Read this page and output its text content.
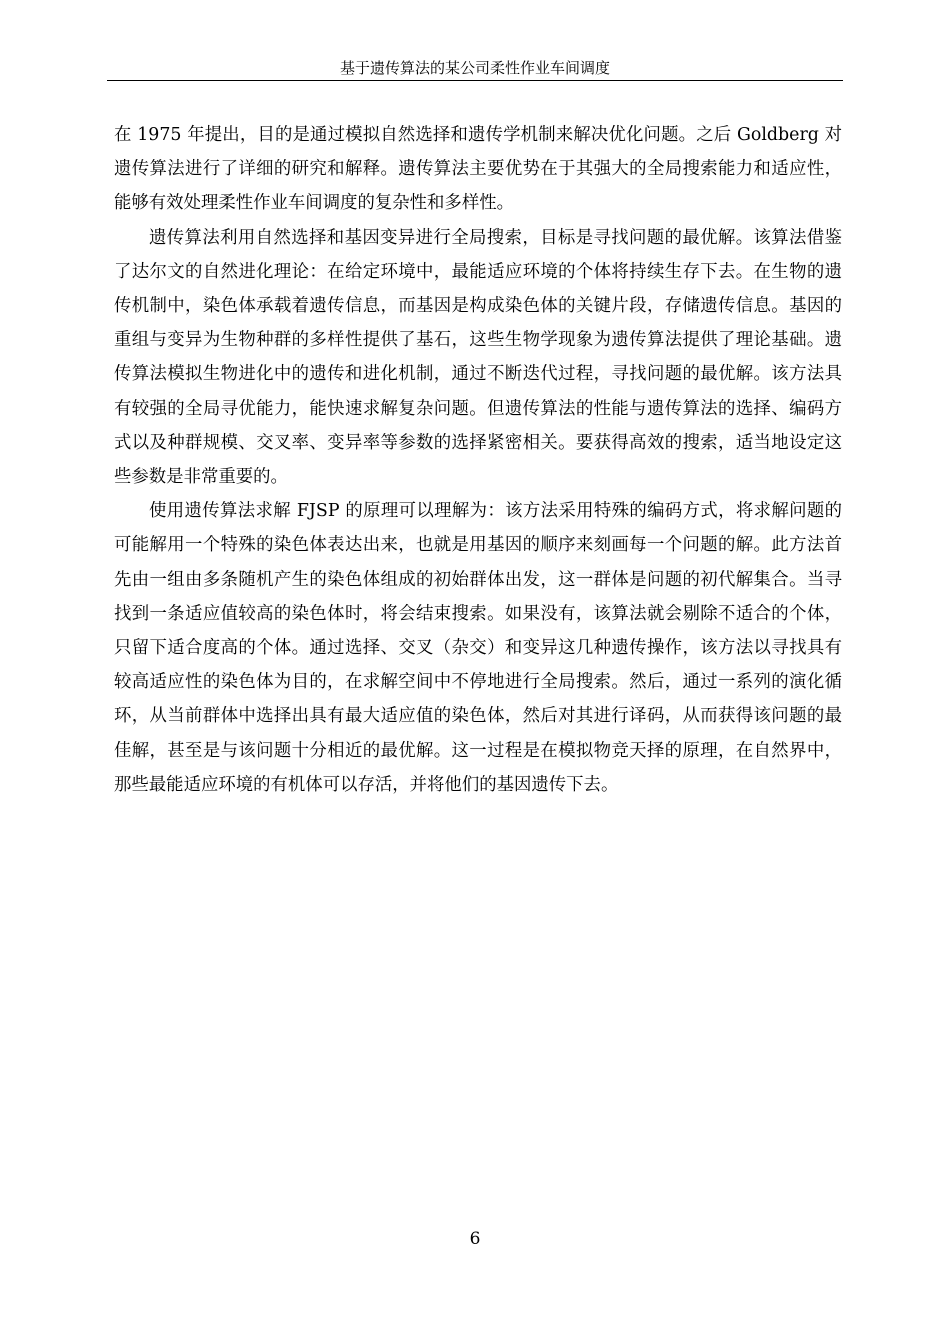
基于遗传算法的某公司柔性作业车间调度

在 1975 年提出，目的是通过模拟自然选择和遗传学机制来解决优化问题。之后 Goldberg 对遗传算法进行了详细的研究和解释。遗传算法主要优势在于其强大的全局搜索能力和适应性，能够有效处理柔性作业车间调度的复杂性和多样性。

遗传算法利用自然选择和基因变异进行全局搜索，目标是寻找问题的最优解。该算法借鉴了达尔文的自然进化理论：在给定环境中，最能适应环境的个体将持续生存下去。在生物的遗传机制中，染色体承载着遗传信息，而基因是构成染色体的关键片段，存储遗传信息。基因的重组与变异为生物种群的多样性提供了基石，这些生物学现象为遗传算法提供了理论基础。遗传算法模拟生物进化中的遗传和进化机制，通过不断迭代过程，寻找问题的最优解。该方法具有较强的全局寻优能力，能快速求解复杂问题。但遗传算法的性能与遗传算法的选择、编码方式以及种群规模、交叉率、变异率等参数的选择紧密相关。要获得高效的搜索，适当地设定这些参数是非常重要的。

使用遗传算法求解 FJSP 的原理可以理解为：该方法采用特殊的编码方式，将求解问题的可能解用一个特殊的染色体表达出来，也就是用基因的顺序来刻画每一个问题的解。此方法首先由一组由多条随机产生的染色体组成的初始群体出发，这一群体是问题的初代解集合。当寻找到一条适应值较高的染色体时，将会结束搜索。如果没有，该算法就会剔除不适合的个体，只留下适合度高的个体。通过选择、交叉（杂交）和变异这几种遗传操作，该方法以寻找具有较高适应性的染色体为目的，在求解空间中不停地进行全局搜索。然后，通过一系列的演化循环，从当前群体中选择出具有最大适应值的染色体，然后对其进行译码，从而获得该问题的最佳解，甚至是与该问题十分相近的最优解。这一过程是在模拟物竞天择的原理，在自然界中，那些最能适应环境的有机体可以存活，并将他们的基因遗传下去。

6
